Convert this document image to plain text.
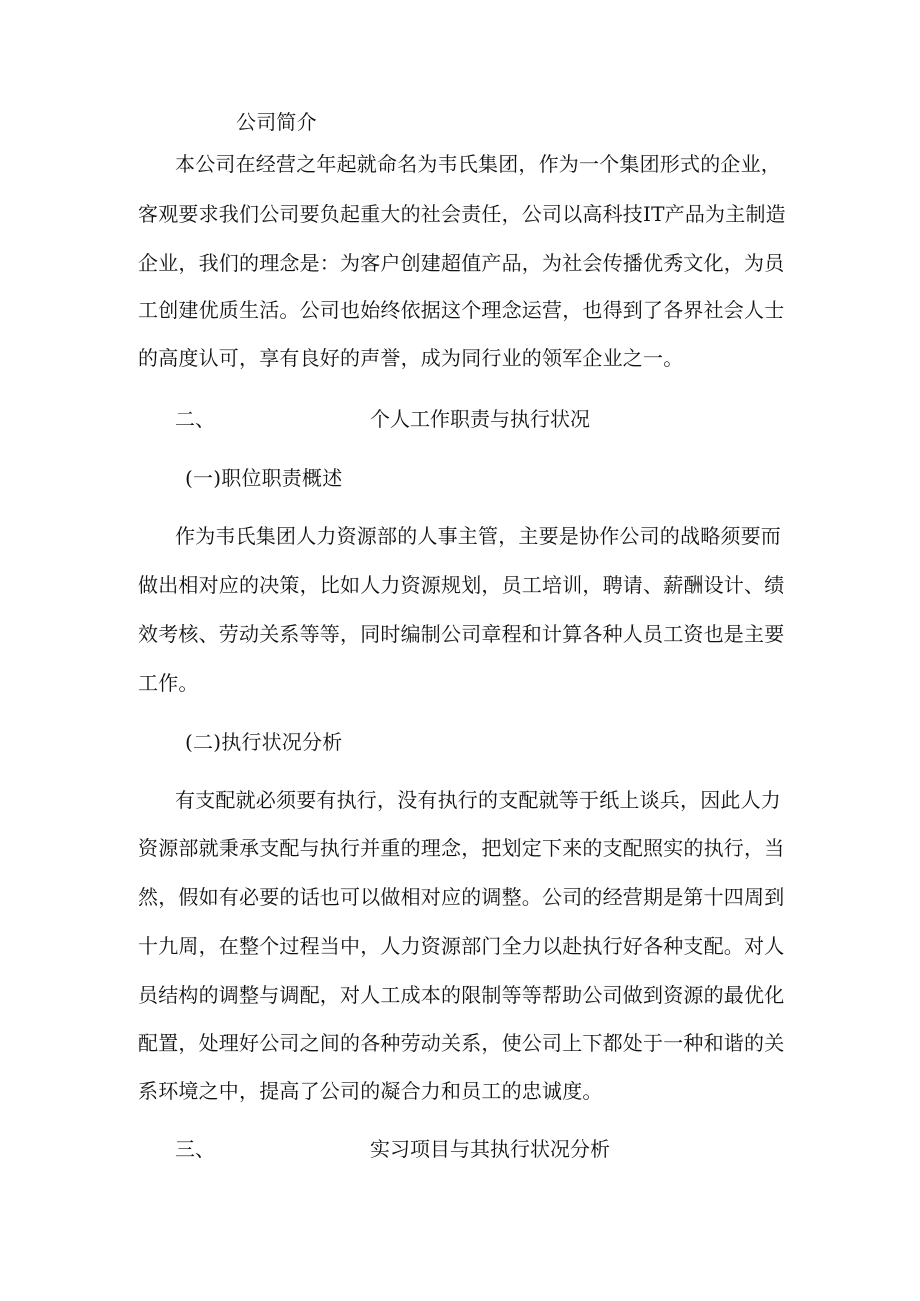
公司简介
本公司在经营之年起就命名为韦氏集团，作为一个集团形式的企业，
客观要求我们公司要负起重大的社会责任，公司以高科技IT产品为主制造
企业，我们的理念是：为客户创建超值产品，为社会传播优秀文化，为员
工创建优质生活。公司也始终依据这个理念运营，也得到了各界社会人士
的高度认可，享有良好的声誉，成为同行业的领军企业之一。
二、	个人工作职责与执行状况
(一)职位职责概述
作为韦氏集团人力资源部的人事主管，主要是协作公司的战略须要而
做出相对应的决策，比如人力资源规划，员工培训，聘请、薪酬设计、绩
效考核、劳动关系等等，同时编制公司章程和计算各种人员工资也是主要
工作。
(二)执行状况分析
有支配就必须要有执行，没有执行的支配就等于纸上谈兵，因此人力
资源部就秉承支配与执行并重的理念，把划定下来的支配照实的执行，当
然，假如有必要的话也可以做相对应的调整。公司的经营期是第十四周到
十九周，在整个过程当中，人力资源部门全力以赴执行好各种支配。对人
员结构的调整与调配，对人工成本的限制等等帮助公司做到资源的最优化
配置，处理好公司之间的各种劳动关系，使公司上下都处于一种和谐的关
系环境之中，提高了公司的凝合力和员工的忠诚度。
三、	实习项目与其执行状况分析
